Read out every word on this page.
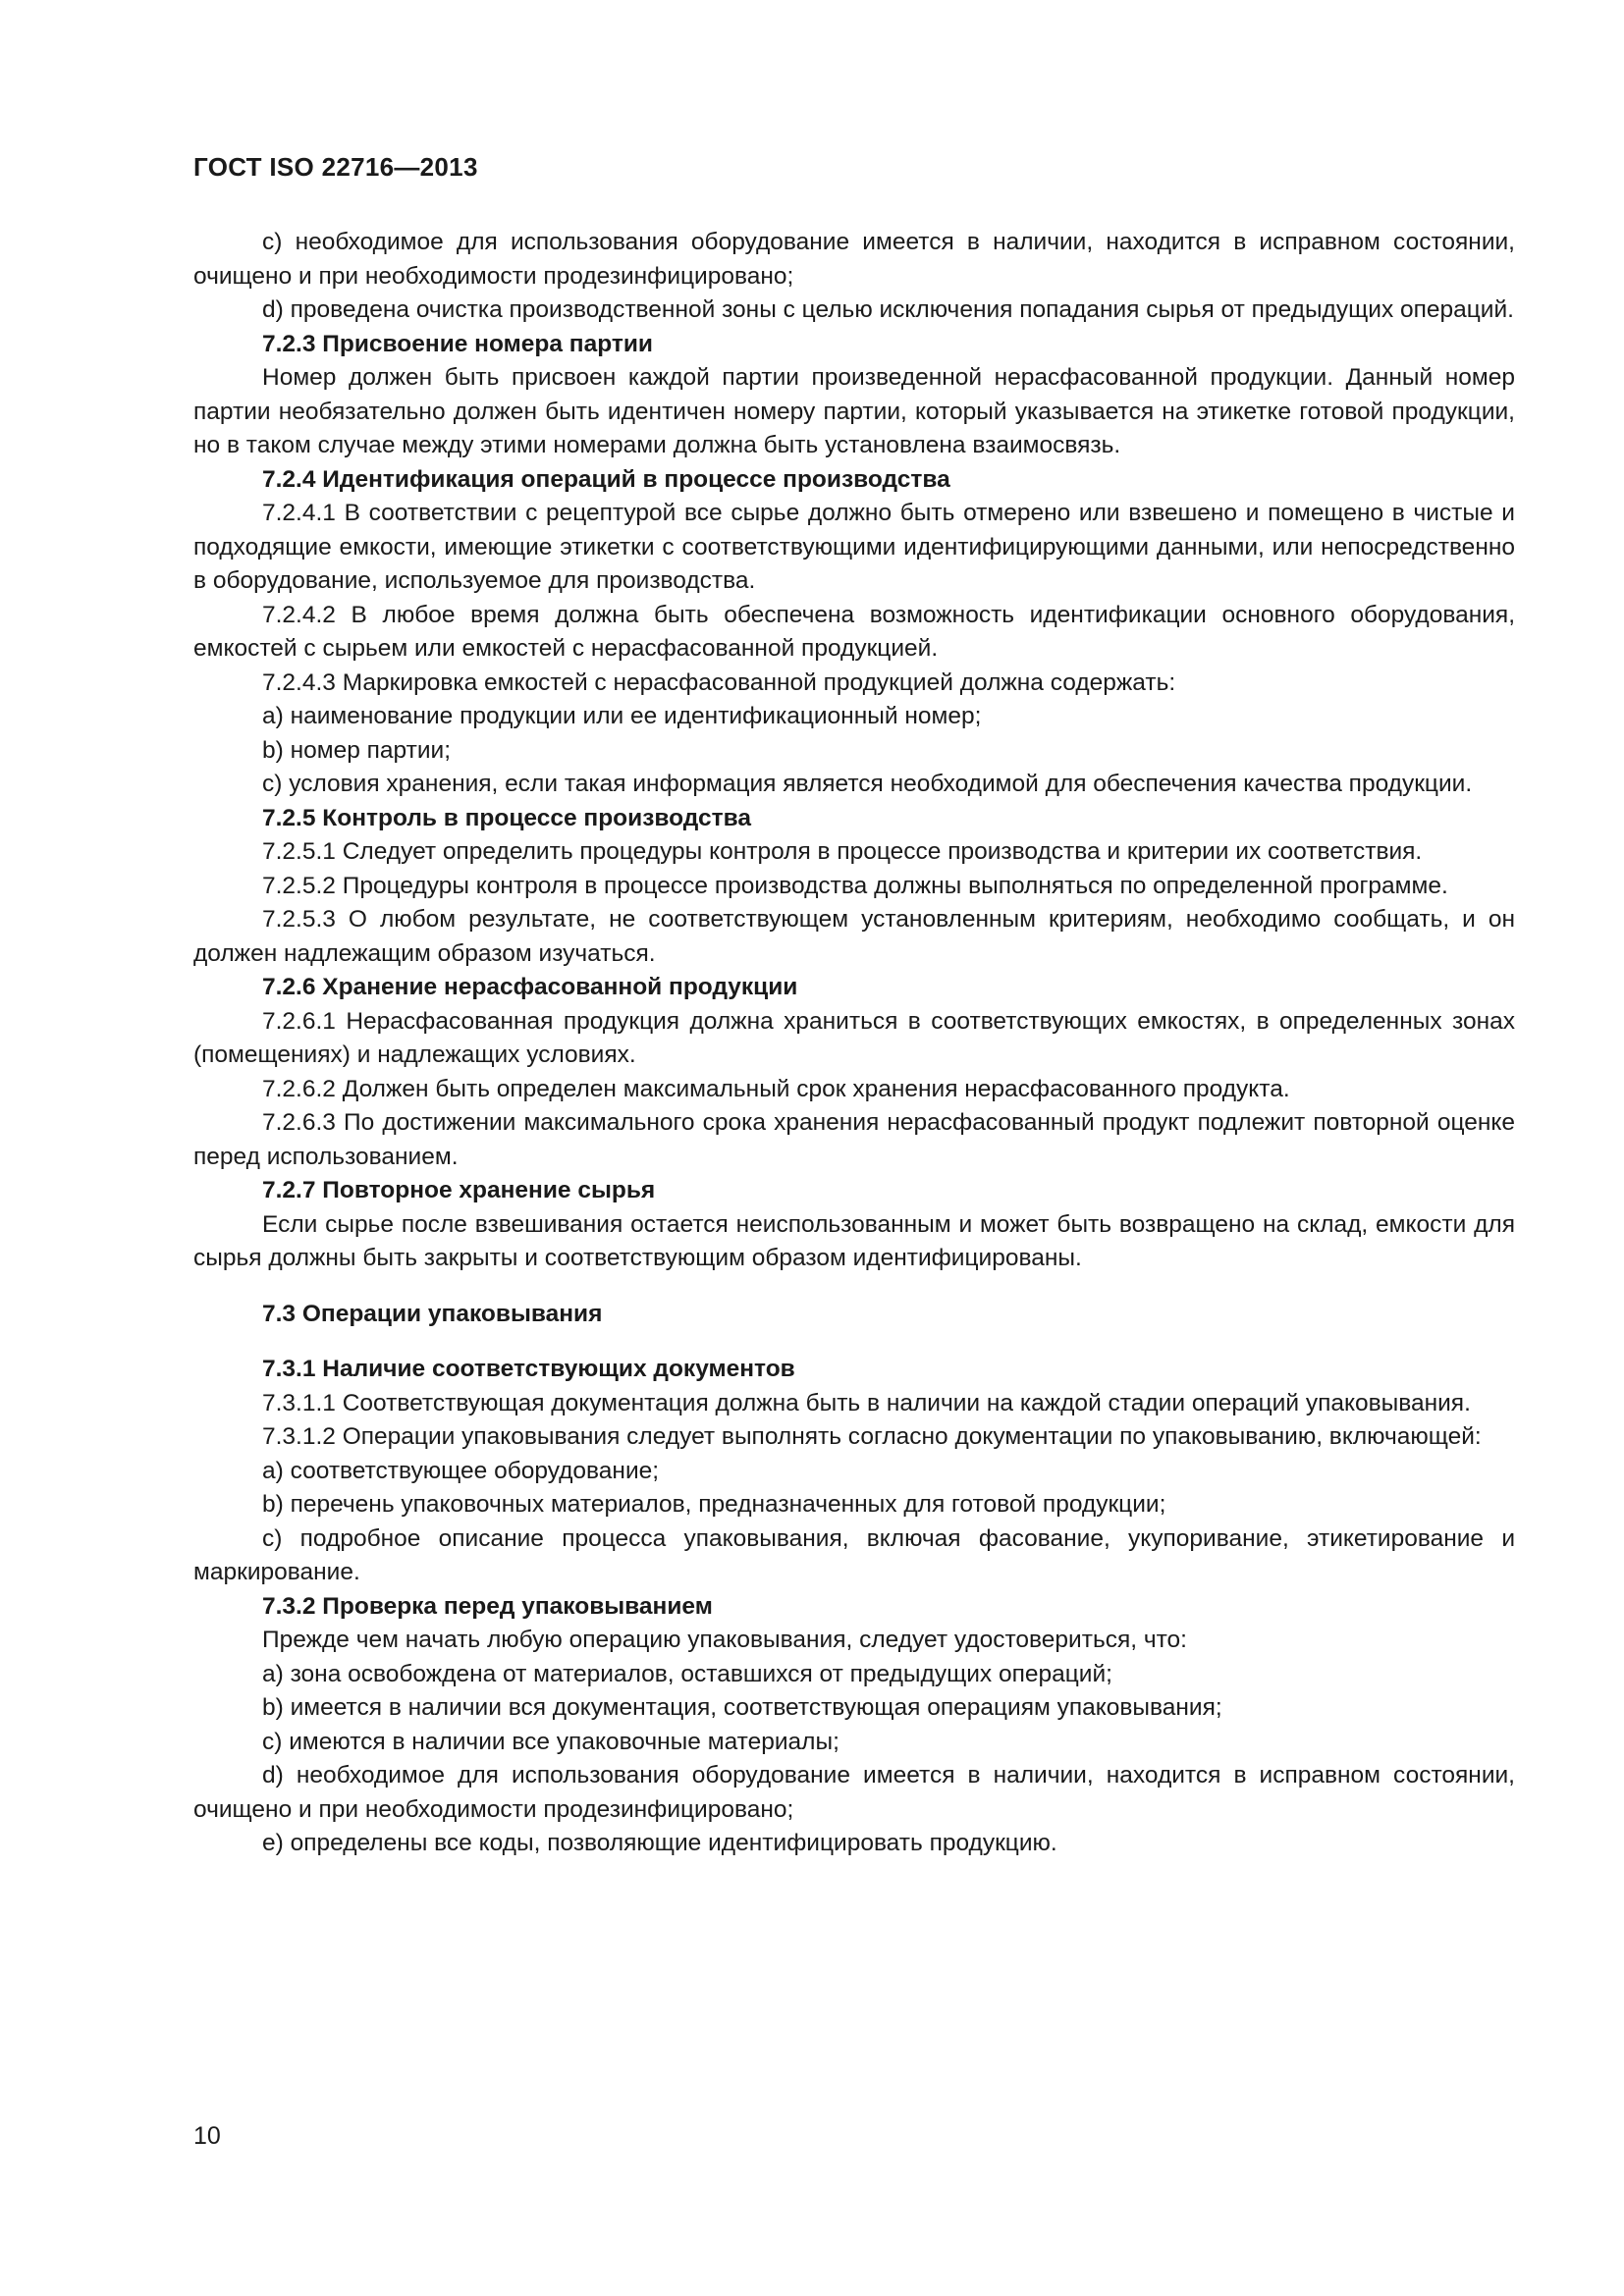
ГОСТ ISO 22716—2013

с) необходимое для использования оборудование имеется в наличии, находится в исправном состоянии, очищено и при необходимости продезинфицировано;

d) проведена очистка производственной зоны с целью исключения попадания сырья от предыдущих операций.

7.2.3 Присвоение номера партии

Номер должен быть присвоен каждой партии произведенной нерасфасованной продукции. Данный номер партии необязательно должен быть идентичен номеру партии, который указывается на этикетке готовой продукции, но в таком случае между этими номерами должна быть установлена взаимосвязь.

7.2.4 Идентификация операций в процессе производства

7.2.4.1 В соответствии с рецептурой все сырье должно быть отмерено или взвешено и помещено в чистые и подходящие емкости, имеющие этикетки с соответствующими идентифицирующими данными, или непосредственно в оборудование, используемое для производства.

7.2.4.2 В любое время должна быть обеспечена возможность идентификации основного оборудования, емкостей с сырьем или емкостей с нерасфасованной продукцией.

7.2.4.3 Маркировка емкостей с нерасфасованной продукцией должна содержать:

а) наименование продукции или ее идентификационный номер;

b) номер партии;

с) условия хранения, если такая информация является необходимой для обеспечения качества продукции.

7.2.5 Контроль в процессе производства

7.2.5.1 Следует определить процедуры контроля в процессе производства и критерии их соответствия.

7.2.5.2 Процедуры контроля в процессе производства должны выполняться по определенной программе.

7.2.5.3 О любом результате, не соответствующем установленным критериям, необходимо сообщать, и он должен надлежащим образом изучаться.

7.2.6 Хранение нерасфасованной продукции

7.2.6.1 Нерасфасованная продукция должна храниться в соответствующих емкостях, в определенных зонах (помещениях) и надлежащих условиях.

7.2.6.2 Должен быть определен максимальный срок хранения нерасфасованного продукта.

7.2.6.3 По достижении максимального срока хранения нерасфасованный продукт подлежит повторной оценке перед использованием.

7.2.7 Повторное хранение сырья

Если сырье после взвешивания остается неиспользованным и может быть возвращено на склад, емкости для сырья должны быть закрыты и соответствующим образом идентифицированы.

7.3 Операции упаковывания

7.3.1 Наличие соответствующих документов

7.3.1.1 Соответствующая документация должна быть в наличии на каждой стадии операций упаковывания.

7.3.1.2 Операции упаковывания следует выполнять согласно документации по упаковыванию, включающей:

а) соответствующее оборудование;

b) перечень упаковочных материалов, предназначенных для готовой продукции;

с) подробное описание процесса упаковывания, включая фасование, укупоривание, этикетирование и маркирование.

7.3.2 Проверка перед упаковыванием

Прежде чем начать любую операцию упаковывания, следует удостовериться, что:

а) зона освобождена от материалов, оставшихся от предыдущих операций;

b) имеется в наличии вся документация, соответствующая операциям упаковывания;

с) имеются в наличии все упаковочные материалы;

d) необходимое для использования оборудование имеется в наличии, находится в исправном состоянии, очищено и при необходимости продезинфицировано;

е) определены все коды, позволяющие идентифицировать продукцию.

10
